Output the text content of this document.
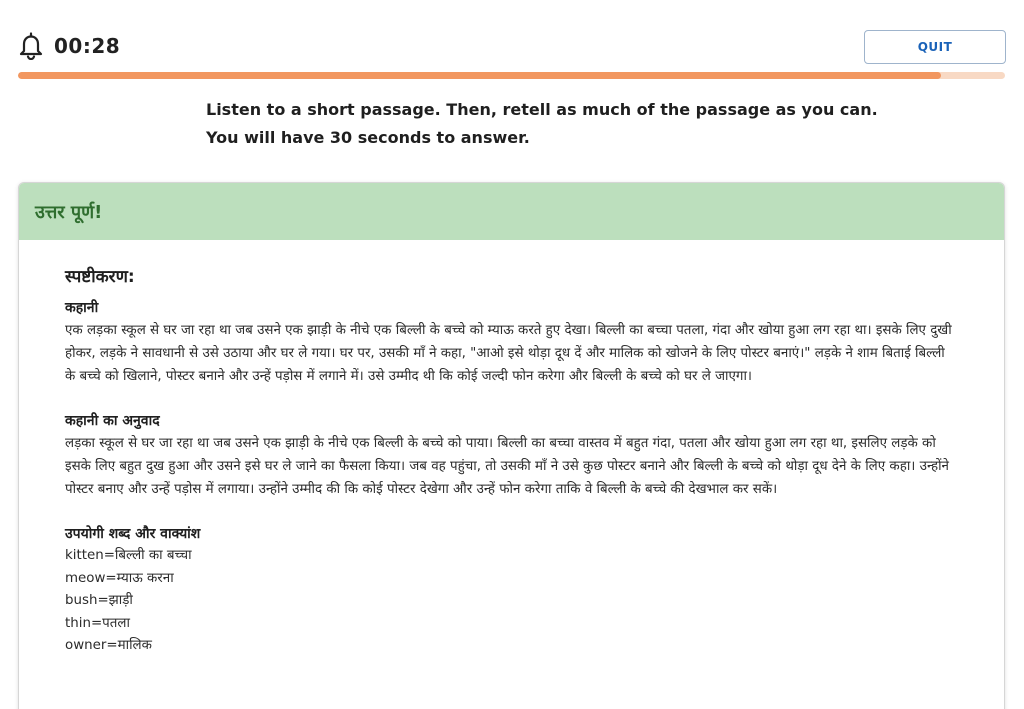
00:28	QUIT
Listen to a short passage. Then, retell as much of the passage as you can.
You will have 30 seconds to answer.
उत्तर पूर्ण!
स्पष्टीकरण:
कहानी
एक लड़का स्कूल से घर जा रहा था जब उसने एक झाड़ी के नीचे एक बिल्ली के बच्चे को म्याऊ करते हुए देखा। बिल्ली का बच्चा पतला, गंदा और खोया हुआ लग रहा था। इसके लिए दुखी होकर, लड़के ने सावधानी से उसे उठाया और घर ले गया। घर पर, उसकी माँ ने कहा, "आओ इसे थोड़ा दूध दें और मालिक को खोजने के लिए पोस्टर बनाएं।" लड़के ने शाम बिताई बिल्ली के बच्चे को खिलाने, पोस्टर बनाने और उन्हें पड़ोस में लगाने में। उसे उम्मीद थी कि कोई जल्दी फोन करेगा और बिल्ली के बच्चे को घर ले जाएगा।
कहानी का अनुवाद
लड़का स्कूल से घर जा रहा था जब उसने एक झाड़ी के नीचे एक बिल्ली के बच्चे को पाया। बिल्ली का बच्चा वास्तव में बहुत गंदा, पतला और खोया हुआ लग रहा था, इसलिए लड़के को इसके लिए बहुत दुख हुआ और उसने इसे घर ले जाने का फैसला किया। जब वह पहुंचा, तो उसकी माँ ने उसे कुछ पोस्टर बनाने और बिल्ली के बच्चे को थोड़ा दूध देने के लिए कहा। उन्होंने पोस्टर बनाए और उन्हें पड़ोस में लगाया। उन्होंने उम्मीद की कि कोई पोस्टर देखेगा और उन्हें फोन करेगा ताकि वे बिल्ली के बच्चे की देखभाल कर सकें।
उपयोगी शब्द और वाक्यांश
kitten=बिल्ली का बच्चा
meow=म्याऊ करना
bush=झाड़ी
thin=पतला
owner=मालिक
